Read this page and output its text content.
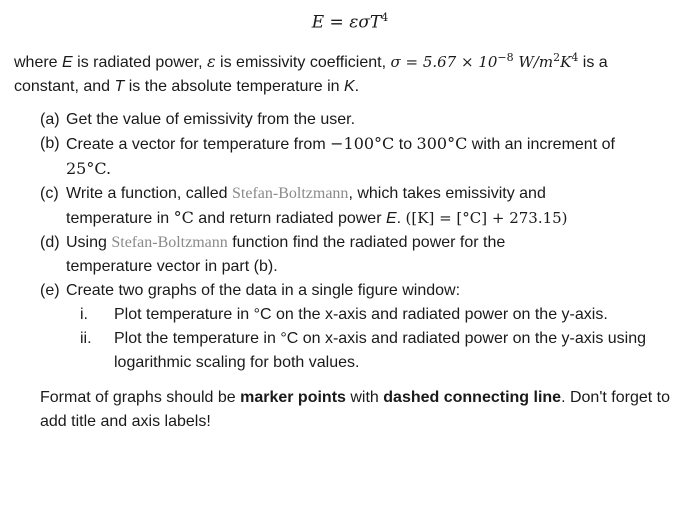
E = εσT$^4$
where E is radiated power, ε is emissivity coefficient, $\sigma = 5.67 \times 10^{-8}$ $W/m^2K^4$ is a
constant, and T is the absolute temperature in K.
(a) Get the value of emissivity from the user.
(b) Create a vector for temperature from −100°C to 300°C with an increment of
25°C.
(c) Write a function, called Stefan-Boltzmann, which takes emissivity and
temperature in °C and return radiated power E. ([K] = [°C] + 273.15)
(d) Using Stefan-Boltzmann function find the radiated power for the
temperature vector in part (b).
(e) Create two graphs of the data in a single figure window:
i. Plot temperature in °C on the x-axis and radiated power on the y-axis.
ii. Plot the temperature in °C on x-axis and radiated power on the y-axis using logarithmic scaling for both values.
Format of graphs should be marker points with dashed connecting line. Don't forget to add title and axis labels!
